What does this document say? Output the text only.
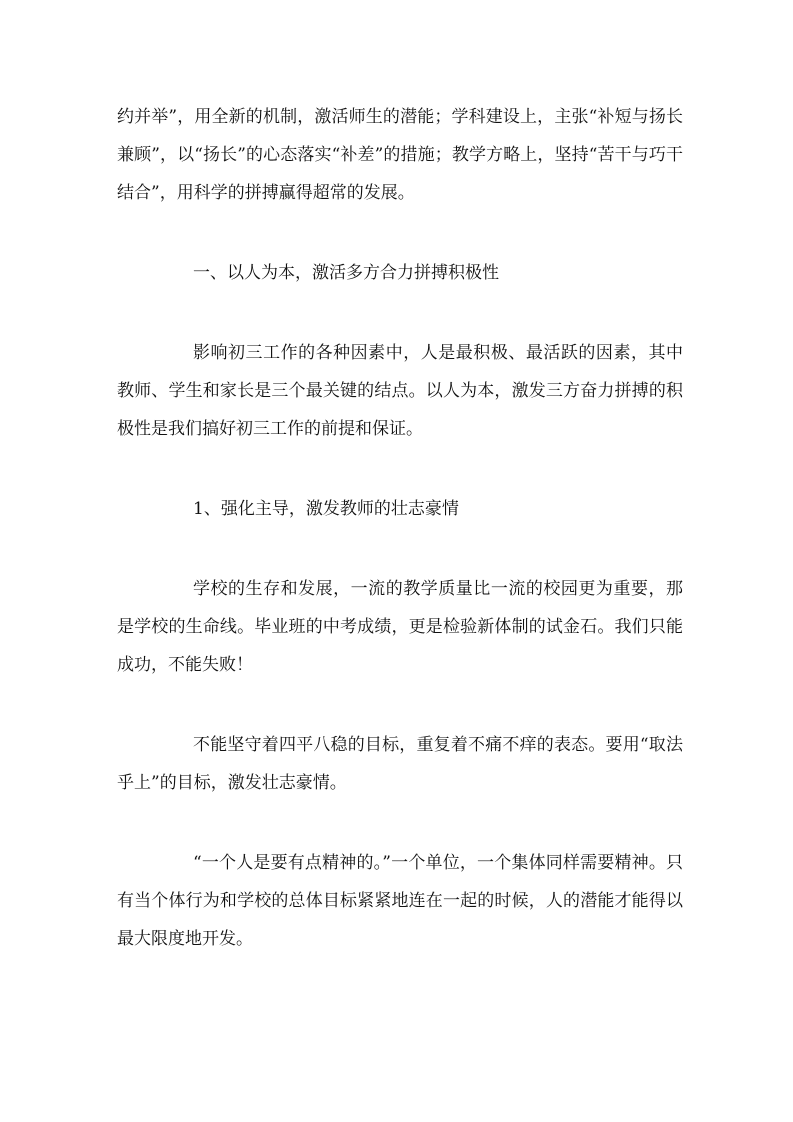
约并举”，用全新的机制，激活师生的潜能；学科建设上，主张“补短与扬长兼顾”，以“扬长”的心态落实“补差”的措施；教学方略上，坚持“苦干与巧干结合”，用科学的拼搏赢得超常的发展。

一、以人为本，激活多方合力拼搏积极性

影响初三工作的各种因素中，人是最积极、最活跃的因素，其中教师、学生和家长是三个最关键的结点。以人为本，激发三方奋力拼搏的积极性是我们搞好初三工作的前提和保证。

1、强化主导，激发教师的壮志豪情

学校的生存和发展，一流的教学质量比一流的校园更为重要，那是学校的生命线。毕业班的中考成绩，更是检验新体制的试金石。我们只能成功，不能失败！

不能坚守着四平八稳的目标，重复着不痛不痒的表态。要用“取法乎上”的目标，激发壮志豪情。

“一个人是要有点精神的。”一个单位，一个集体同样需要精神。只有当个体行为和学校的总体目标紧紧地连在一起的时候，人的潜能才能得以最大限度地开发。
